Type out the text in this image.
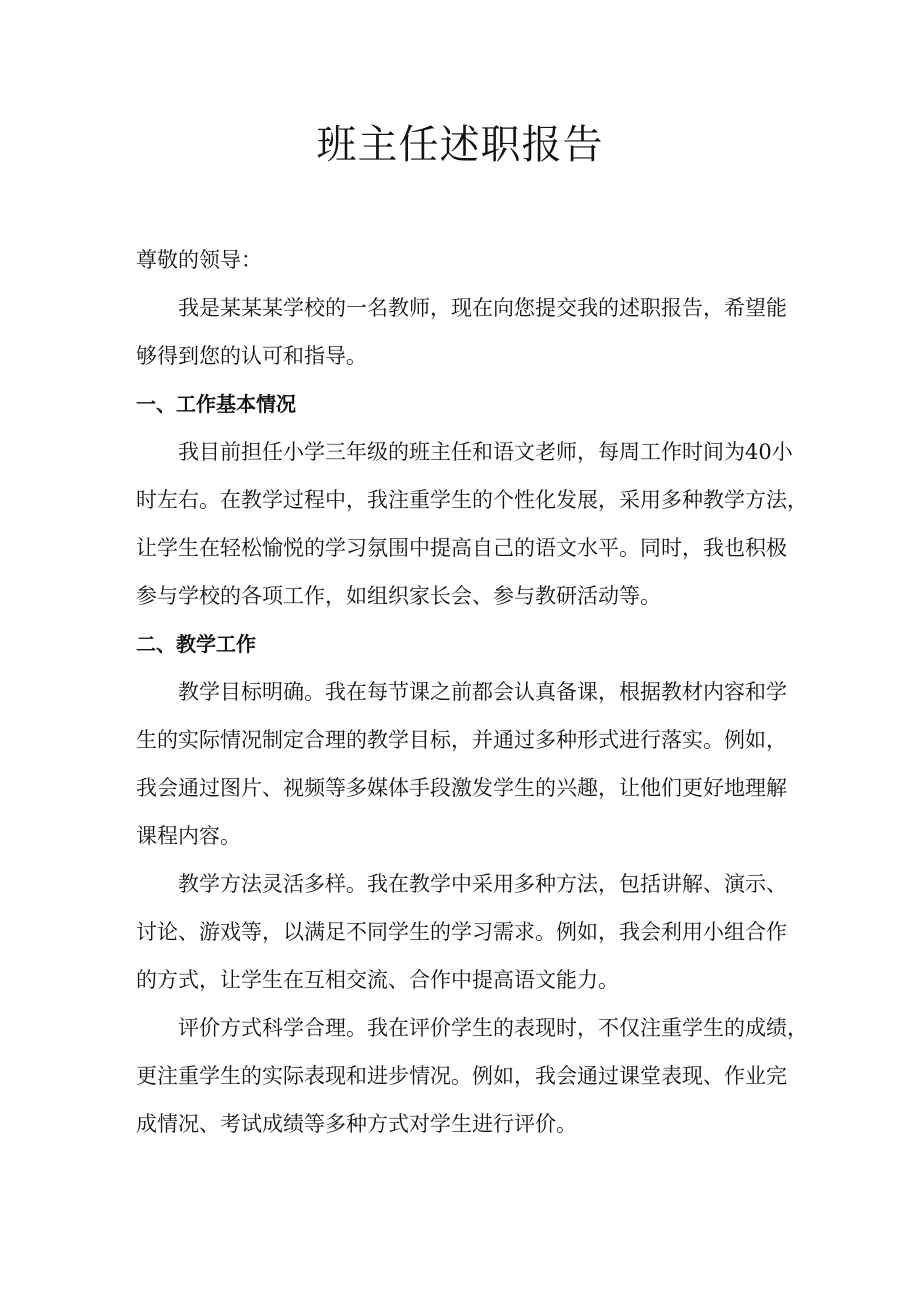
班主任述职报告
尊敬的领导：
我是某某某学校的一名教师，现在向您提交我的述职报告，希望能
够得到您的认可和指导。
一、工作基本情况
我目前担任小学三年级的班主任和语文老师，每周工作时间为40小
时左右。在教学过程中，我注重学生的个性化发展，采用多种教学方法，
让学生在轻松愉悦的学习氛围中提高自己的语文水平。同时，我也积极
参与学校的各项工作，如组织家长会、参与教研活动等。
二、教学工作
教学目标明确。我在每节课之前都会认真备课，根据教材内容和学
生的实际情况制定合理的教学目标，并通过多种形式进行落实。例如，
我会通过图片、视频等多媒体手段激发学生的兴趣，让他们更好地理解
课程内容。
教学方法灵活多样。我在教学中采用多种方法，包括讲解、演示、
讨论、游戏等，以满足不同学生的学习需求。例如，我会利用小组合作
的方式，让学生在互相交流、合作中提高语文能力。
评价方式科学合理。我在评价学生的表现时，不仅注重学生的成绩，
更注重学生的实际表现和进步情况。例如，我会通过课堂表现、作业完
成情况、考试成绩等多种方式对学生进行评价。
